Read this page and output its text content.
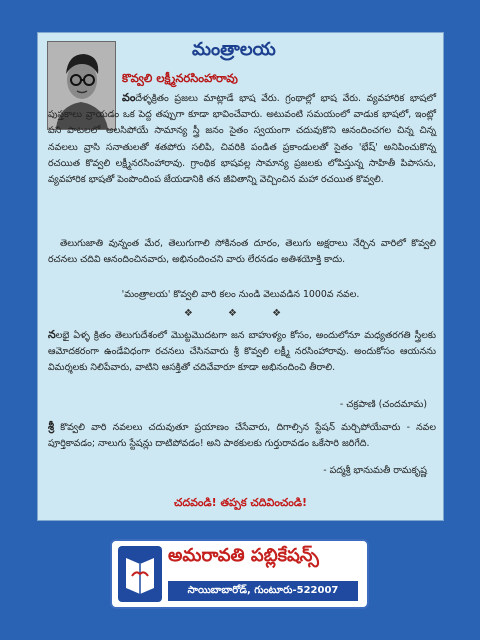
మంత్రాలయ
కొవ్వలి లక్ష్మీనరసింహారావు
వందేళ్ళక్రితం ప్రజలు మాట్లాడే భాష వేరు. గ్రంథాల్లో భాష వేరు. వ్యవహారిక భాషలో పుస్తకాలు వ్రాయడం ఒక పెద్ద తప్పుగా కూడా భావించేవారు. అటువంటి సమయంలో వాడుక భాషలో, ఇంట్లో పని పాటలలో అలసిపోయే సామాన్య స్త్రీ జనం సైతం స్వయంగా చదువుకొని ఆనందించగల చిన్న చిన్న నవలలు వ్రాసి సనాతులతో శతపోరు సలిపి, చివరికి పండిత ప్రకాండులతో సైతం 'భేష్' అనిపించుకొన్న రచయిత కొవ్వలి లక్ష్మీనరసింహారావు. గ్రాంథిక భాషవల్ల సామాన్య ప్రజలకు లోపిస్తున్న సాహితీ పిపాసను, వ్యవహారిక భాషతో పెంపొందింప జేయడానికి తన జీవితాన్ని వెచ్చించిన మహా రచయిత కొవ్వలి.
తెలుగుజాతి వున్నంత మేర, తెలుగుగాలి సోకినంత దూరం, తెలుగు అక్షరాలు నేర్చిన వారిలో కొవ్వలి రచనలు చదివి ఆనందించినవారు, అభినందించని వారు లేరనడం అతిశయోక్తి కాదు.
'మంత్రాలయ' కొవ్వలి వారి కలం నుండి వెలువడిన 1000వ నవల.
❖ ❖ ❖
నలభై ఏళ్ళ క్రితం తెలుగుదేశంలో మొట్టమొదటగా జన బాహుళ్యం కోసం, అందులోనూ మధ్యతరగతి స్త్రీలకు ఆమోదకరంగా ఉండేవిధంగా రచనలు చేసినవారు శ్రీ కొవ్వలి లక్ష్మీ నరసింహారావు. అందుకోసం ఆయనను విమర్శలకు నిలిపేవారు, వాటిని ఆసక్తితో చదివేవారూ కూడా అభినందించి తీరాలి.
- చక్రపాణి (చందమామ)
శ్రీ కొవ్వలి వారి నవలలు చదువుతూ ప్రయాణం చేసేవారు, దిగాల్సిన స్టేషన్ మర్చిపోయేవారు - నవల పూర్తికావడం; నాలుగు స్టేషన్లు దాటిపోవడం! అని పాఠకులకు గుర్తురావడం ఒకేసారి జరిగేది.
- పద్మశ్రీ భానుమతీ రామకృష్ణ
చదవండి! తప్పక చదివించండి!
అమరావతి పబ్లికేషన్స్
సాయిబాబారోడ్, గుంటూరు-522007
